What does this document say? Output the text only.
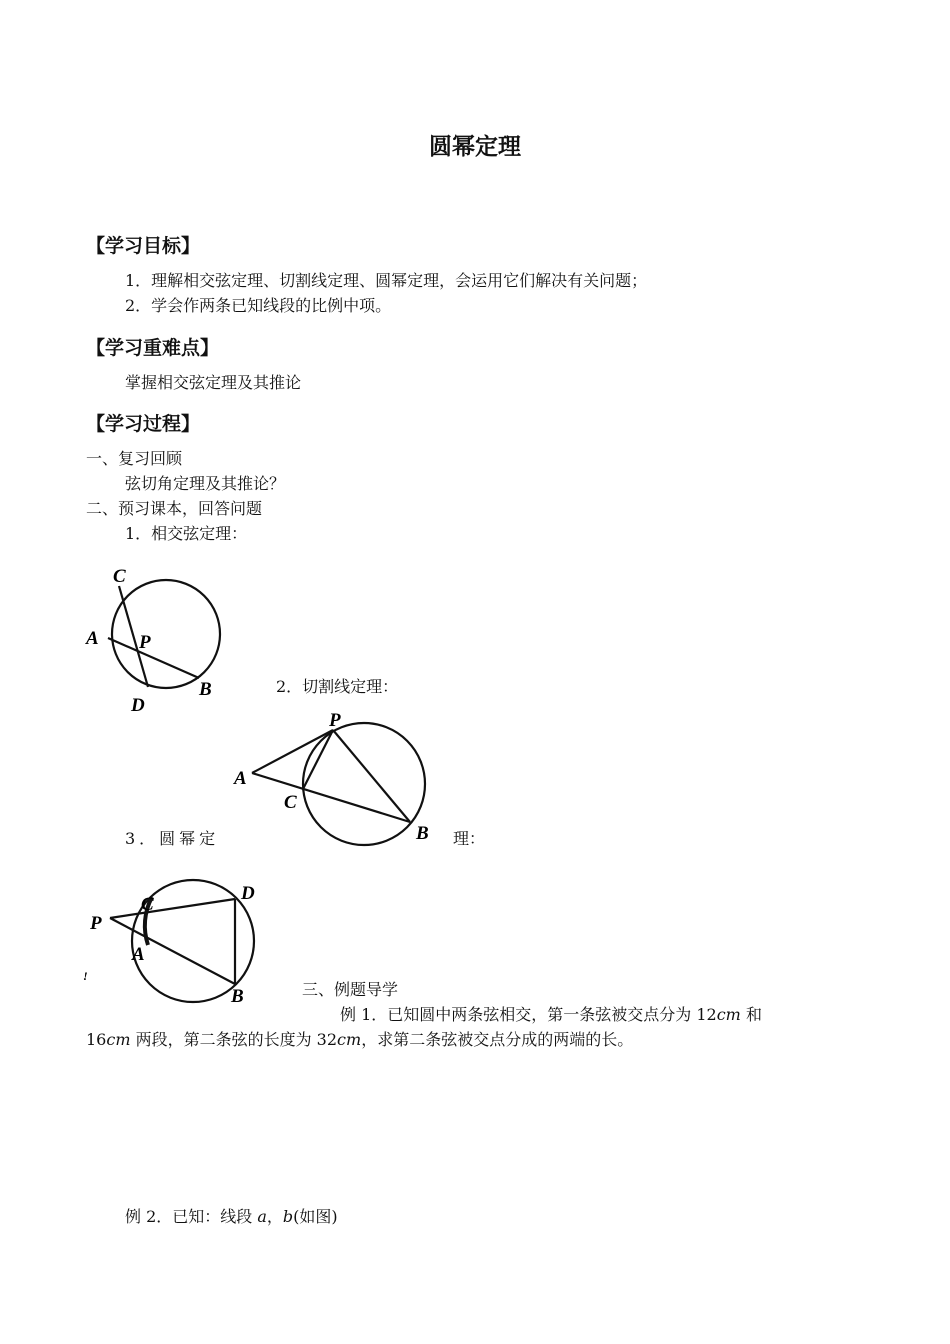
圆幂定理
【学习目标】
1．理解相交弦定理、切割线定理、圆幂定理，会运用它们解决有关问题；
2．学会作两条已知线段的比例中项。
【学习重难点】
掌握相交弦定理及其推论
【学习过程】
一、复习回顾
弦切角定理及其推论？
二、预习课本，回答问题
1．相交弦定理：
C
A P
D
B	2．切割线定理：
P
A
C
B
3．圆幂定	理：
P
C
D
A
B
!
三、例题导学
例 1．已知圆中两条弦相交，第一条弦被交点分为 12cm 和
16cm 两段，第二条弦的长度为 32cm，求第二条弦被交点分成的两端的长。
例 2．已知：线段 a，b(如图)
